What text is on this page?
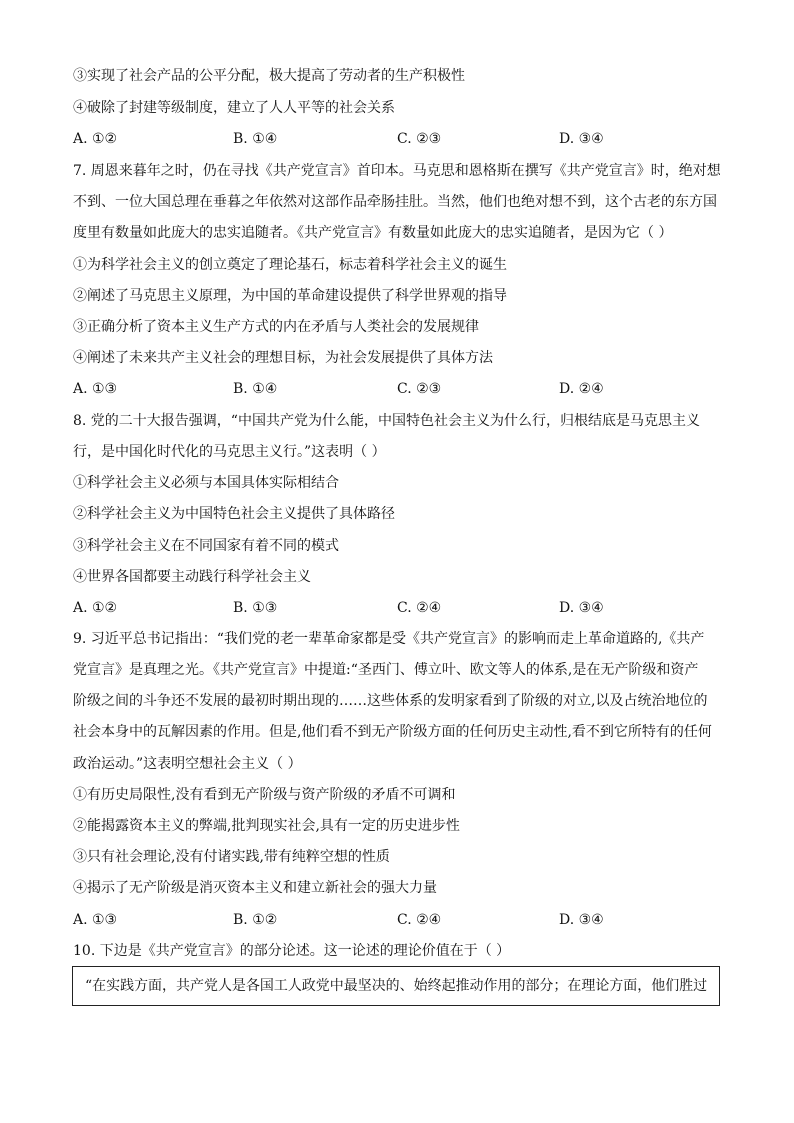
③实现了社会产品的公平分配，极大提高了劳动者的生产积极性
④破除了封建等级制度，建立了人人平等的社会关系
A. ①②	B. ①④	C. ②③	D. ③④
7. 周恩来暮年之时，仍在寻找《共产党宣言》首印本。马克思和恩格斯在撰写《共产党宣言》时，绝对想
不到、一位大国总理在垂暮之年依然对这部作品牵肠挂肚。当然，他们也绝对想不到，这个古老的东方国
度里有数量如此庞大的忠实追随者。《共产党宣言》有数量如此庞大的忠实追随者，是因为它（ ）
①为科学社会主义的创立奠定了理论基石，标志着科学社会主义的诞生
②阐述了马克思主义原理，为中国的革命建设提供了科学世界观的指导
③正确分析了资本主义生产方式的内在矛盾与人类社会的发展规律
④阐述了未来共产主义社会的理想目标，为社会发展提供了具体方法
A. ①③	B. ①④	C. ②③	D. ②④
8. 党的二十大报告强调，“中国共产党为什么能，中国特色社会主义为什么行，归根结底是马克思主义
行，是中国化时代化的马克思主义行。”这表明（ ）
①科学社会主义必须与本国具体实际相结合
②科学社会主义为中国特色社会主义提供了具体路径
③科学社会主义在不同国家有着不同的模式
④世界各国都要主动践行科学社会主义
A. ①②	B. ①③	C. ②④	D. ③④
9. 习近平总书记指出：“我们党的老一辈革命家都是受《共产党宣言》的影响而走上革命道路的,《共产
党宣言》是真理之光。《共产党宣言》中提道:“圣西门、傅立叶、欧文等人的体系,是在无产阶级和资产
阶级之间的斗争还不发展的最初时期出现的……这些体系的发明家看到了阶级的对立,以及占统治地位的
社会本身中的瓦解因素的作用。但是,他们看不到无产阶级方面的任何历史主动性,看不到它所特有的任何
政治运动。”这表明空想社会主义（ ）
①有历史局限性,没有看到无产阶级与资产阶级的矛盾不可调和
②能揭露资本主义的弊端,批判现实社会,具有一定的历史进步性
③只有社会理论,没有付诸实践,带有纯粹空想的性质
④揭示了无产阶级是消灭资本主义和建立新社会的强大力量
A. ①③	B. ①②	C. ②④	D. ③④
10. 下边是《共产党宣言》的部分论述。这一论述的理论价值在于（ ）
“在实践方面，共产党人是各国工人政党中最坚决的、始终起推动作用的部分；在理论方面，他们胜过
